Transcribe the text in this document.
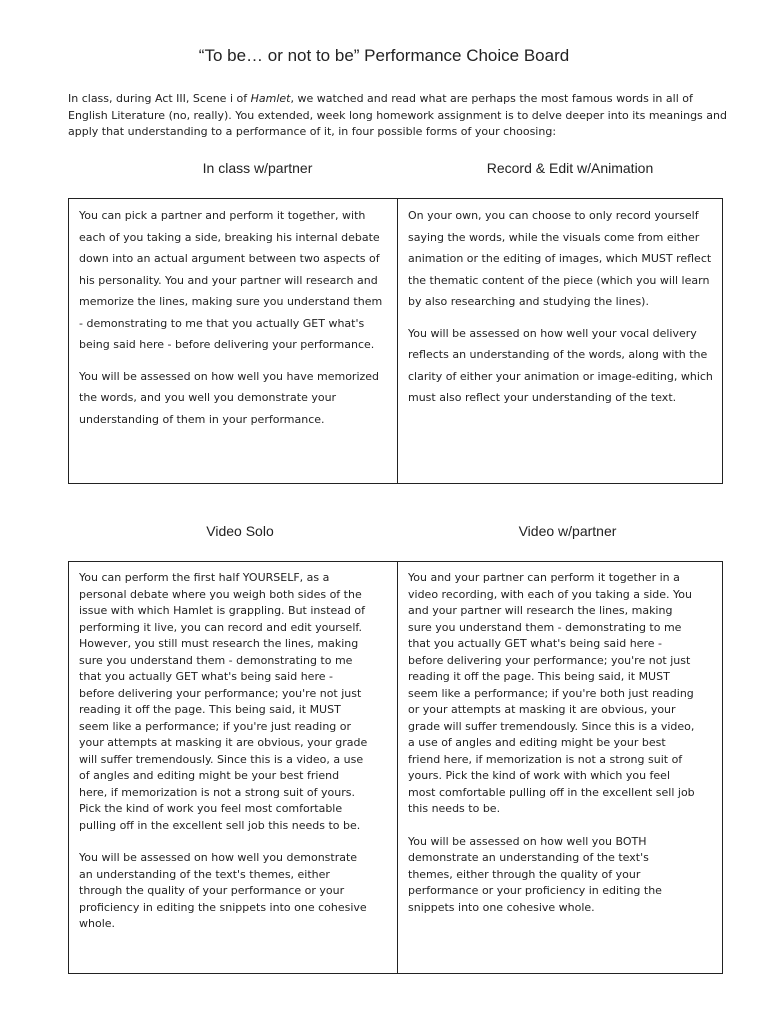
“To be… or not to be” Performance Choice Board
In class, during Act III, Scene i of Hamlet, we watched and read what are perhaps the most famous words in all of English Literature (no, really). You extended, week long homework assignment is to delve deeper into its meanings and apply that understanding to a performance of it, in four possible forms of your choosing:
In class w/partner	Record & Edit w/Animation

You can pick a partner and perform it together, with each of you taking a side, breaking his internal debate down into an actual argument between two aspects of his personality. You and your partner will research and memorize the lines, making sure you understand them - demonstrating to me that you actually GET what's being said here - before delivering your performance.

You will be assessed on how well you have memorized the words, and you well you demonstrate your understanding of them in your performance.

On your own, you can choose to only record yourself saying the words, while the visuals come from either animation or the editing of images, which MUST reflect the thematic content of the piece (which you will learn by also researching and studying the lines).

You will be assessed on how well your vocal delivery reflects an understanding of the words, along with the clarity of either your animation or image-editing, which must also reflect your understanding of the text.

Video Solo	Video w/partner

You can perform the first half YOURSELF, as a personal debate where you weigh both sides of the issue with which Hamlet is grappling. But instead of performing it live, you can record and edit yourself. However, you still must research the lines, making sure you understand them - demonstrating to me that you actually GET what's being said here - before delivering your performance; you're not just reading it off the page. This being said, it MUST seem like a performance; if you're just reading or your attempts at masking it are obvious, your grade will suffer tremendously. Since this is a video, a use of angles and editing might be your best friend here, if memorization is not a strong suit of yours. Pick the kind of work you feel most comfortable pulling off in the excellent sell job this needs to be.

You will be assessed on how well you demonstrate an understanding of the text's themes, either through the quality of your performance or your proficiency in editing the snippets into one cohesive whole.

You and your partner can perform it together in a video recording, with each of you taking a side. You and your partner will research the lines, making sure you understand them - demonstrating to me that you actually GET what's being said here - before delivering your performance; you're not just reading it off the page. This being said, it MUST seem like a performance; if you're both just reading or your attempts at masking it are obvious, your grade will suffer tremendously. Since this is a video, a use of angles and editing might be your best friend here, if memorization is not a strong suit of yours. Pick the kind of work with which you feel most comfortable pulling off in the excellent sell job this needs to be.

You will be assessed on how well you BOTH demonstrate an understanding of the text's themes, either through the quality of your performance or your proficiency in editing the snippets into one cohesive whole.
